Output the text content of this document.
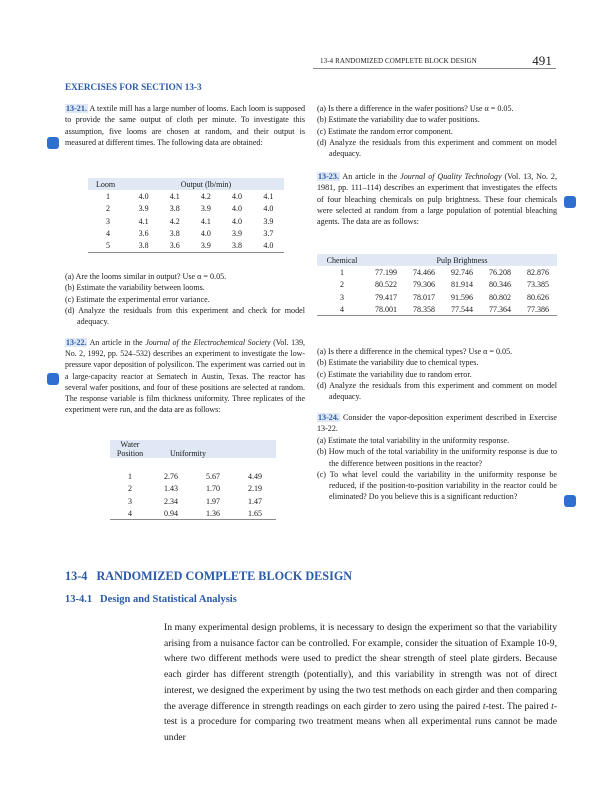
13-4 RANDOMIZED COMPLETE BLOCK DESIGN	491
EXERCISES FOR SECTION 13-3
13-21. A textile mill has a large number of looms. Each loom is supposed to provide the same output of cloth per minute. To investigate this assumption, five looms are chosen at random, and their output is measured at different times. The following data are obtained:
Loom	Output (lb/min)				
1	4.0	4.1	4.2	4.0	4.1
2	3.9	3.8	3.9	4.0	4.0
3	4.1	4.2	4.1	4.0	3.9
4	3.6	3.8	4.0	3.9	3.7
5	3.8	3.6	3.9	3.8	4.0

(a) Are the looms similar in output? Use α = 0.05.

(b) Estimate the variability between looms.

(c) Estimate the experimental error variance.

(d) Analyze the residuals from this experiment and check for model adequacy.

13-22. An article in the Journal of the Electrochemical Society (Vol. 139, No. 2, 1992, pp. 524–532) describes an experiment to investigate the low-pressure vapor deposition of polysilicon. The experiment was carried out in a large-capacity reactor at Sematech in Austin, Texas. The reactor has several wafer positions, and four of these positions are selected at random. The response variable is film thickness uniformity. Three replicates of the experiment were run, and the data are as follows:
Water
Position	Uniformity		

1	2.76	5.67	4.49
2	1.43	1.70	2.19
3	2.34	1.97	1.47
4	0.94	1.36	1.65

(a) Is there a difference in the wafer positions? Use α = 0.05.

(b) Estimate the variability due to wafer positions.

(c) Estimate the random error component.

(d) Analyze the residuals from this experiment and comment on model adequacy.

13-23. An article in the Journal of Quality Technology (Vol. 13, No. 2, 1981, pp. 111–114) describes an experiment that investigates the effects of four bleaching chemicals on pulp brightness. These four chemicals were selected at random from a large population of potential bleaching agents. The data are as follows:
Chemical	Pulp Brightness				
1	77.199	74.466	92.746	76.208	82.876
2	80.522	79.306	81.914	80.346	73.385
3	79.417	78.017	91.596	80.802	80.626
4	78.001	78.358	77.544	77.364	77.386

(a) Is there a difference in the chemical types? Use α = 0.05.

(b) Estimate the variability due to chemical types.

(c) Estimate the variability due to random error.

(d) Analyze the residuals from this experiment and comment on model adequacy.

13-24. Consider the vapor-deposition experiment described in Exercise 13-22.

(a) Estimate the total variability in the uniformity response.

(b) How much of the total variability in the uniformity response is due to the difference between positions in the reactor?

(c) To what level could the variability in the uniformity response be reduced, if the position-to-position variability in the reactor could be eliminated? Do you believe this is a significant reduction?

13-4   RANDOMIZED COMPLETE BLOCK DESIGN
13-4.1   Design and Statistical Analysis
In many experimental design problems, it is necessary to design the experiment so that the variability arising from a nuisance factor can be controlled. For example, consider the situation of Example 10-9, where two different methods were used to predict the shear strength of steel plate girders. Because each girder has different strength (potentially), and this variability in strength was not of direct interest, we designed the experiment by using the two test methods on each girder and then comparing the average difference in strength readings on each girder to zero using the paired t-test. The paired t-test is a procedure for comparing two treatment means when all experimental runs cannot be made under
